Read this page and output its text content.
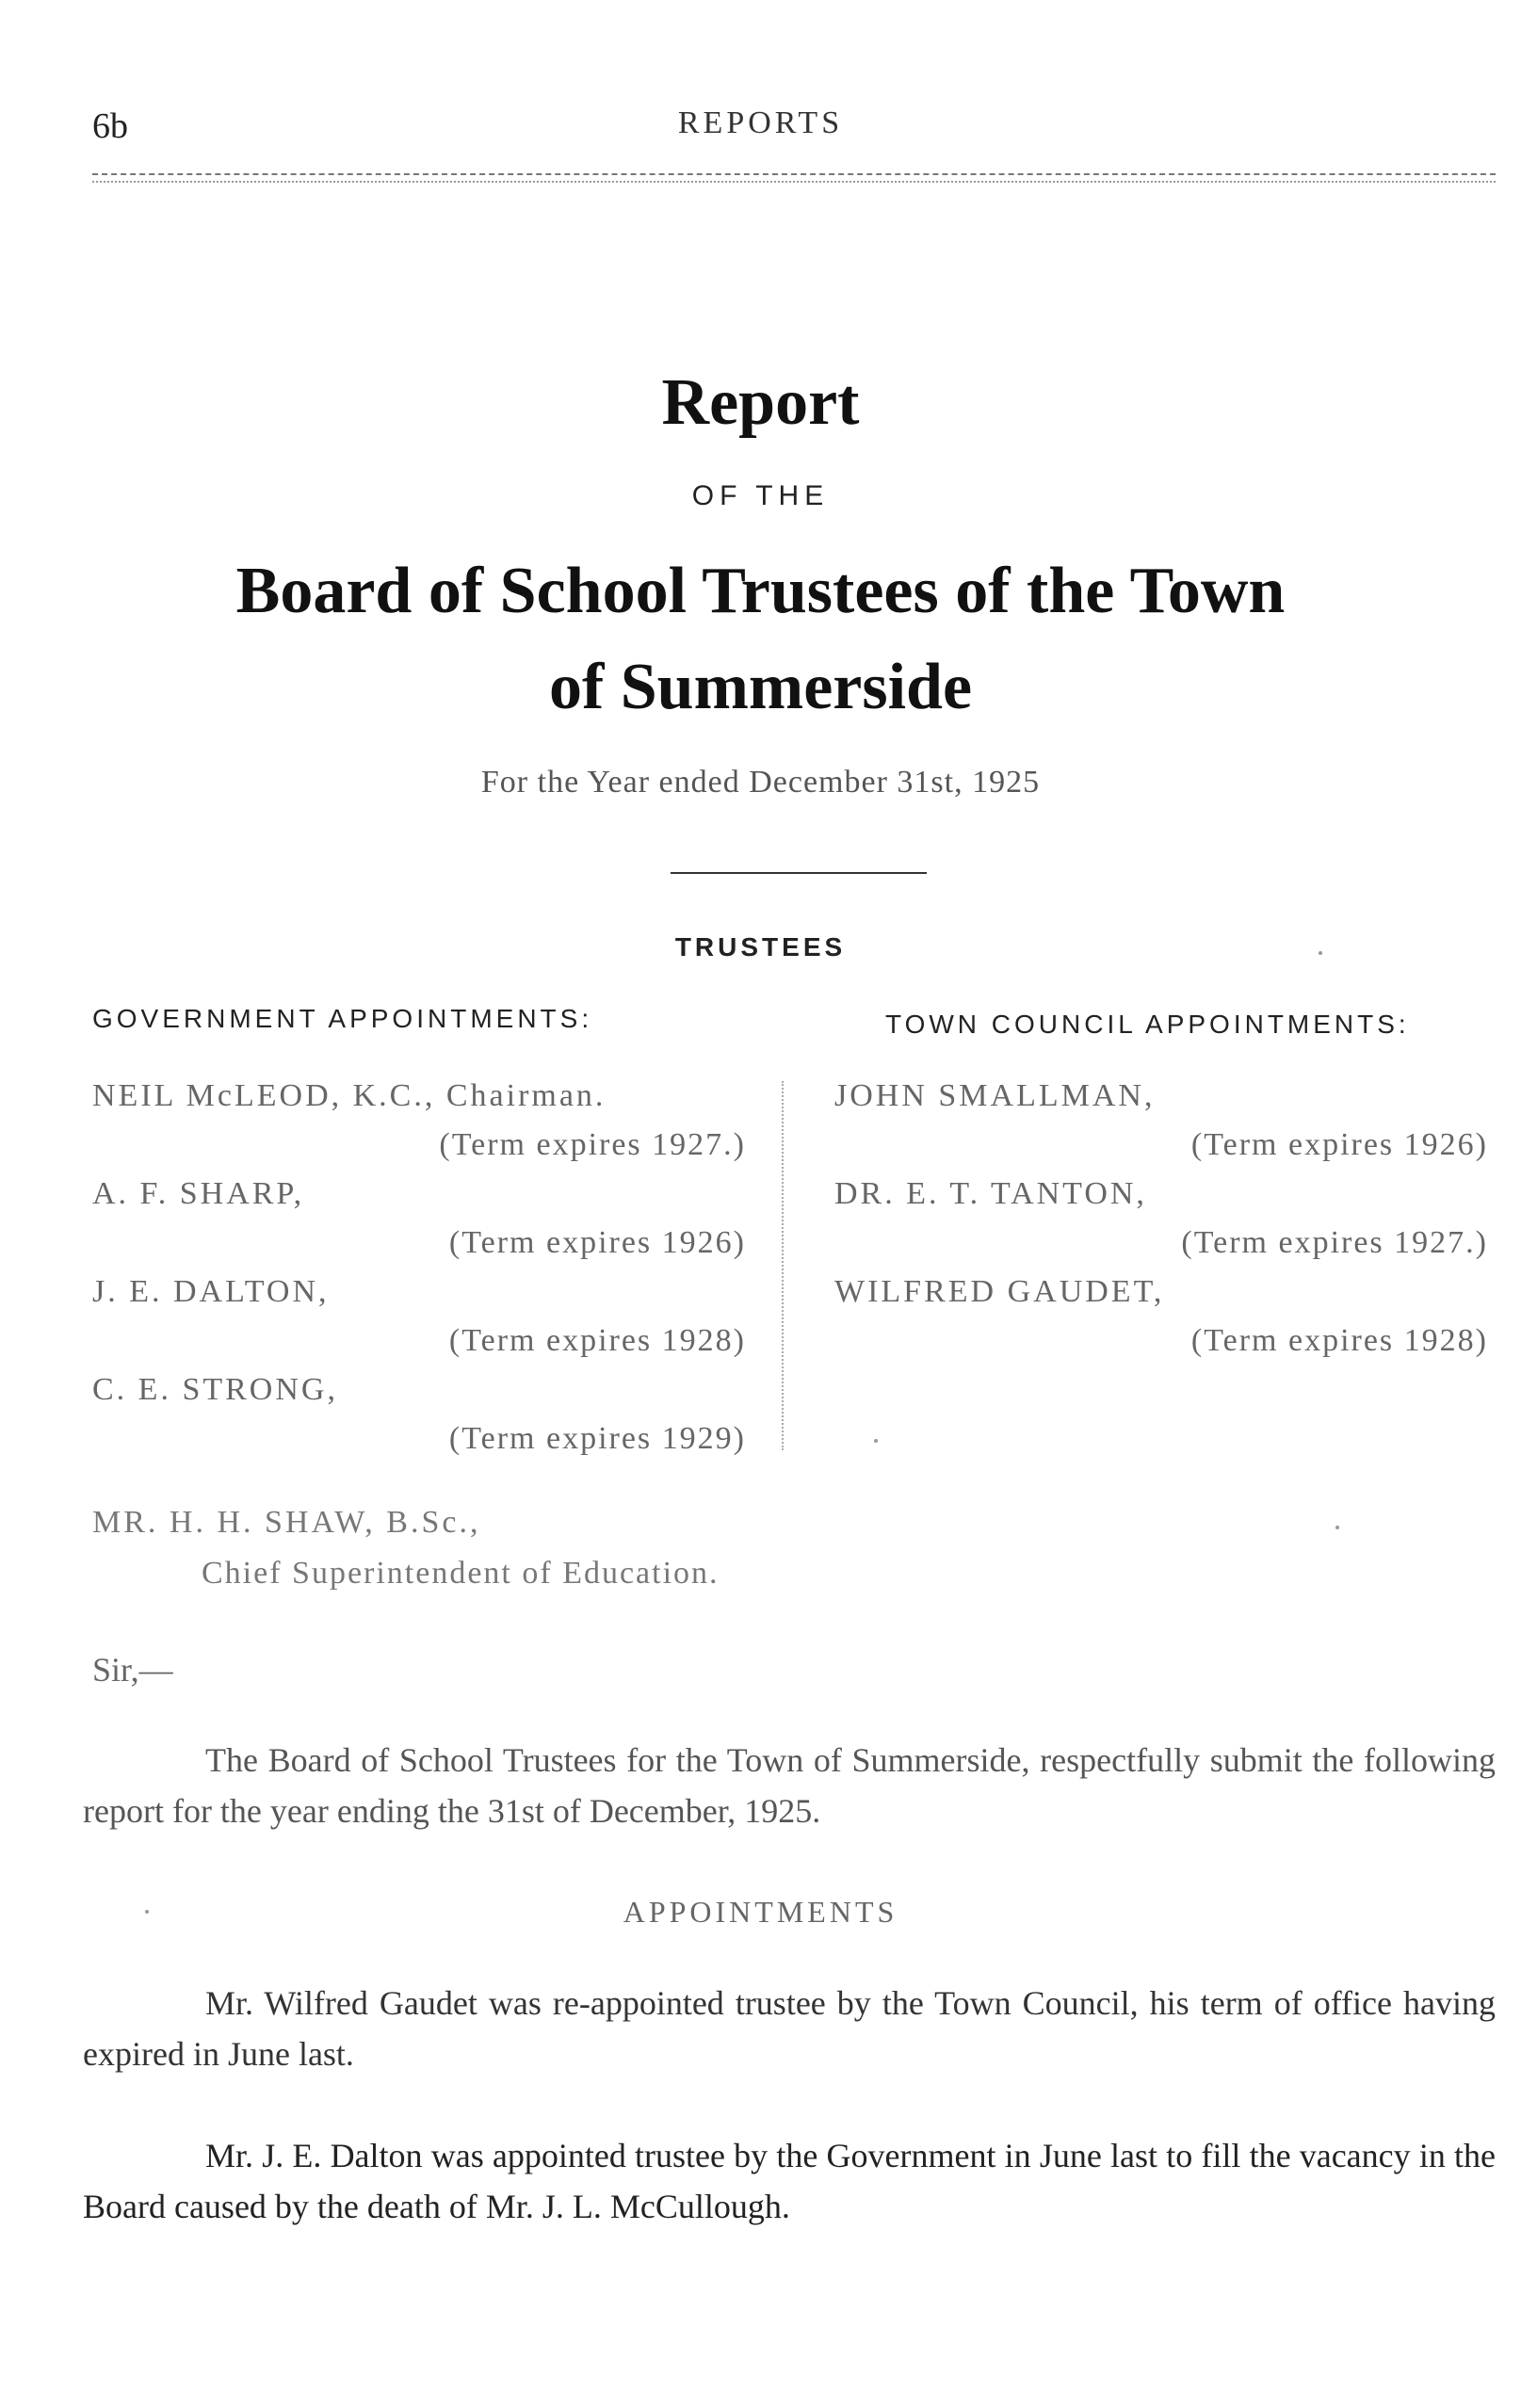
6b	REPORTS
Report
OF THE
Board of School Trustees of the Town
of Summerside
For the Year ended December 31st, 1925
TRUSTEES
GOVERNMENT APPOINTMENTS:	TOWN COUNCIL APPOINTMENTS:
NEIL McLEOD, K.C., Chairman.
(Term expires 1927.)
A. F. SHARP,
(Term expires 1926)
J. E. DALTON,
(Term expires 1928)
C. E. STRONG,
(Term expires 1929)
JOHN SMALLMAN,
(Term expires 1926)
DR. E. T. TANTON,
(Term expires 1927.)
WILFRED GAUDET,
(Term expires 1928)
MR. H. H. SHAW, B.Sc.,
Chief Superintendent of Education.
Sir,—
The Board of School Trustees for the Town of Summerside, respectfully submit the following report for the year ending the 31st of December, 1925.
APPOINTMENTS
Mr. Wilfred Gaudet was re-appointed trustee by the Town Council, his term of office having expired in June last.
Mr. J. E. Dalton was appointed trustee by the Government in June last to fill the vacancy in the Board caused by the death of Mr. J. L. McCullough.
